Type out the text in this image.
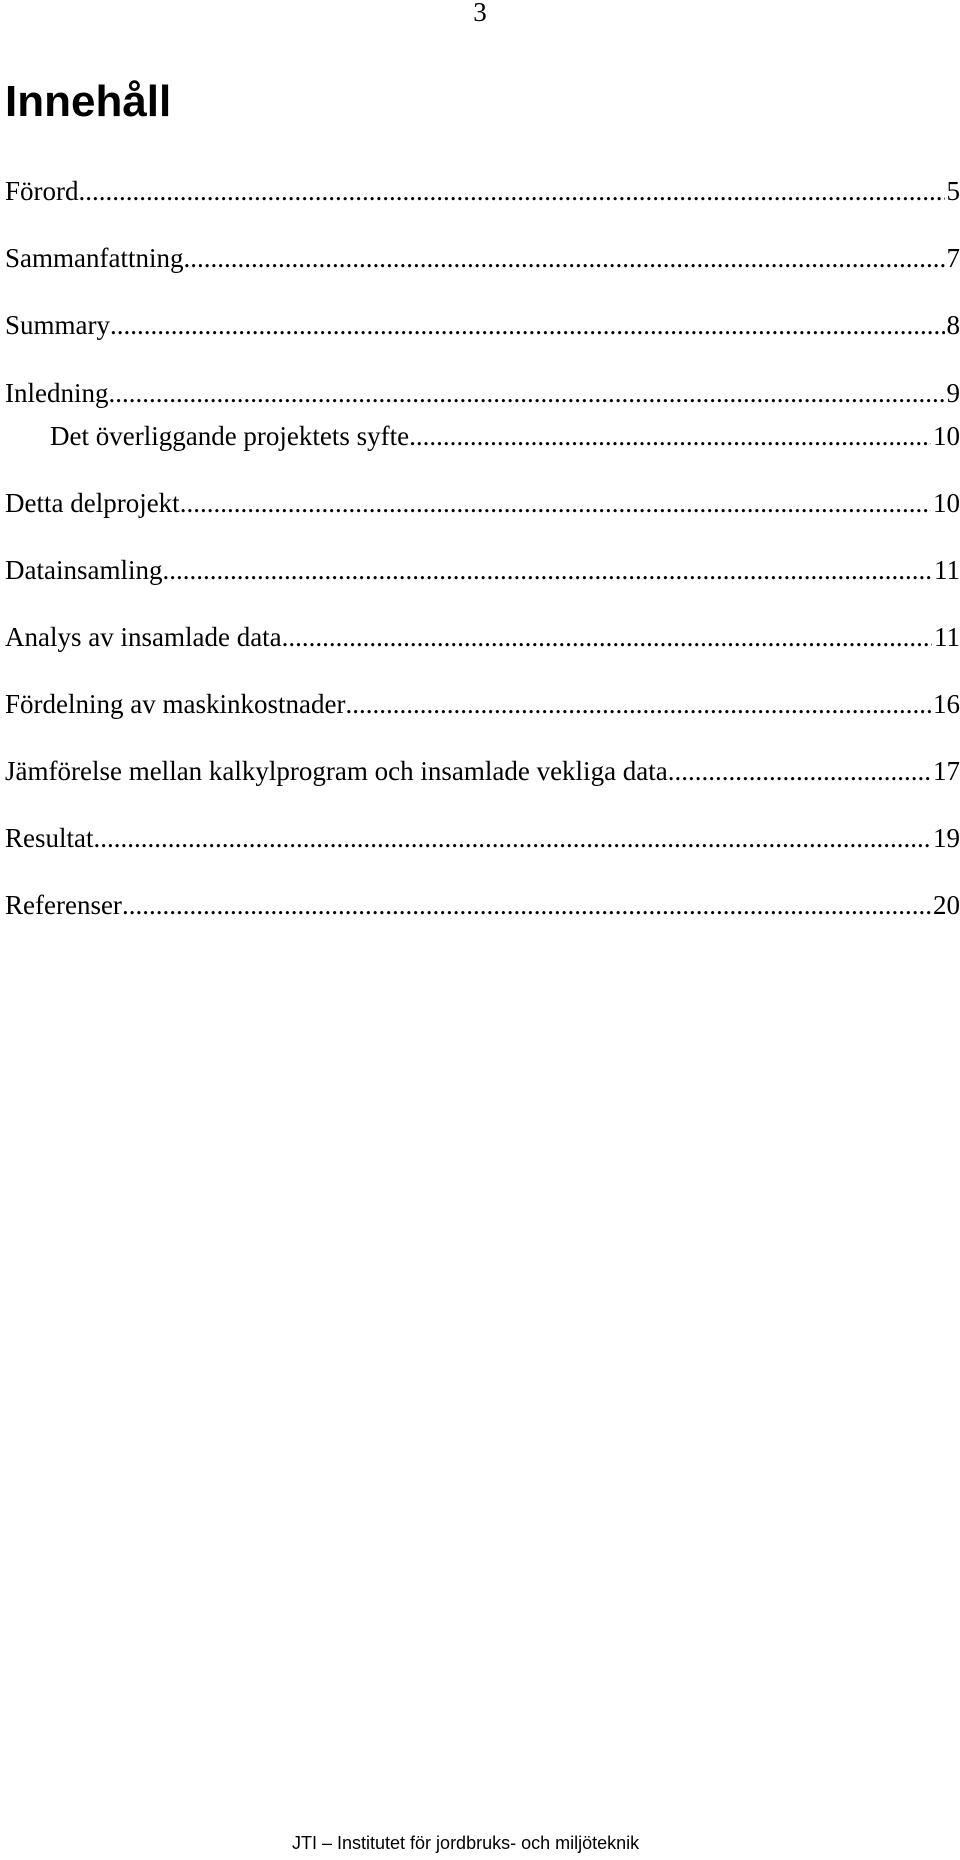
3
Innehåll
Förord .....	5
Sammanfattning .....	7
Summary .....	8
Inledning .....	9
Det överliggande projektets syfte .....	10
Detta delprojekt .....	10
Datainsamling .....	11
Analys av insamlade data .....	11
Fördelning av maskinkostnader .....	16
Jämförelse mellan kalkylprogram och insamlade vekliga data .....	17
Resultat .....	19
Referenser .....	20
JTI – Institutet för jordbruks- och miljöteknik
